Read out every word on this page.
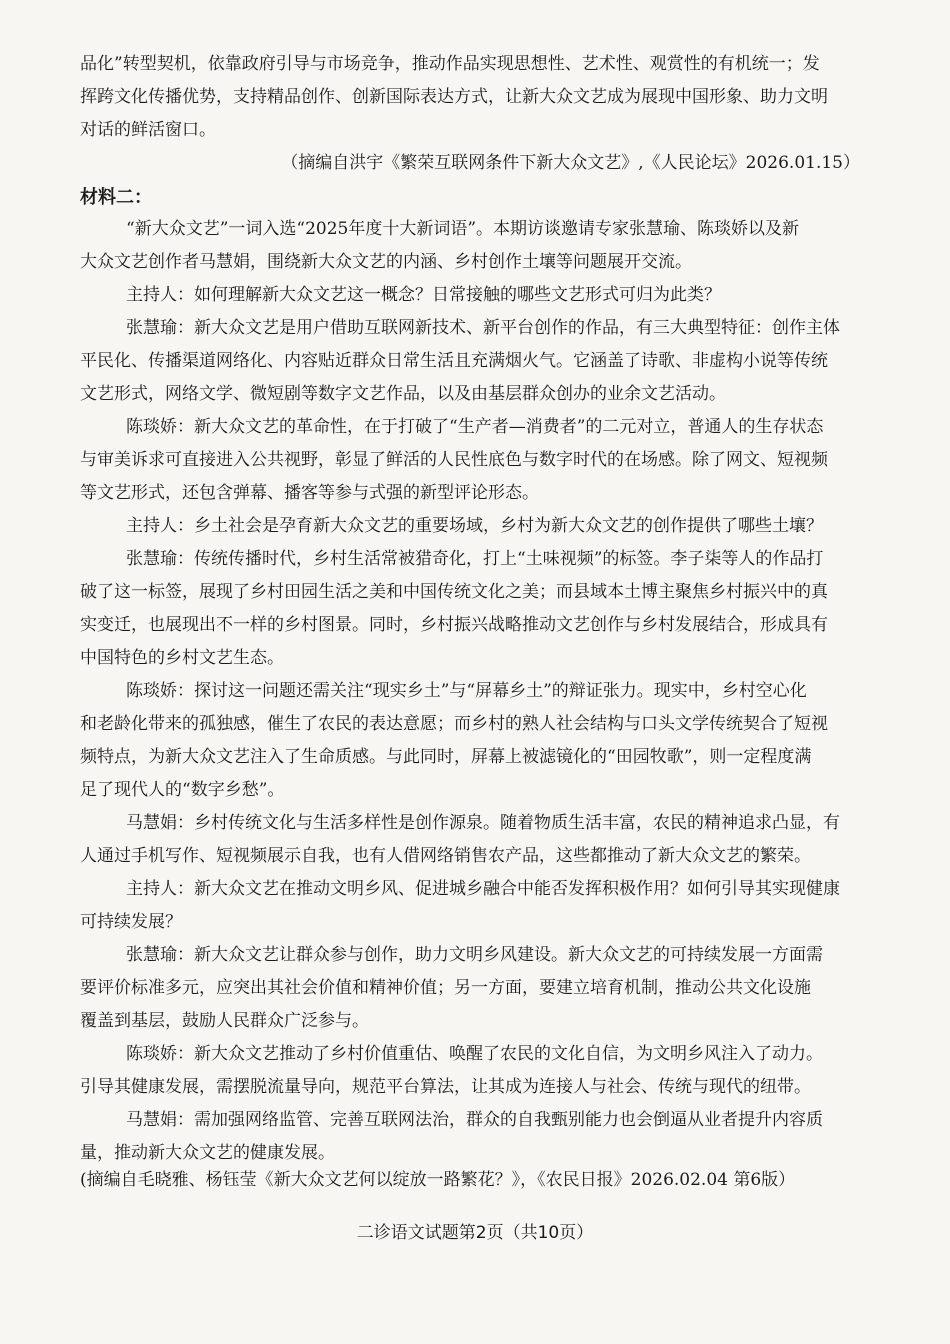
品化”转型契机，依靠政府引导与市场竞争，推动作品实现思想性、艺术性、观赏性的有机统一；发
挥跨文化传播优势，支持精品创作、创新国际表达方式，让新大众文艺成为展现中国形象、助力文明
对话的鲜活窗口。
（摘编自洪宇《繁荣互联网条件下新大众文艺》,《人民论坛》2026.01.15）
材料二：
“新大众文艺”一词入选“2025年度十大新词语”。本期访谈邀请专家张慧瑜、陈琰娇以及新
大众文艺创作者马慧娟，围绕新大众文艺的内涵、乡村创作土壤等问题展开交流。
主持人：如何理解新大众文艺这一概念？日常接触的哪些文艺形式可归为此类？
张慧瑜：新大众文艺是用户借助互联网新技术、新平台创作的作品，有三大典型特征：创作主体
平民化、传播渠道网络化、内容贴近群众日常生活且充满烟火气。它涵盖了诗歌、非虚构小说等传统
文艺形式，网络文学、微短剧等数字文艺作品，以及由基层群众创办的业余文艺活动。
陈琰娇：新大众文艺的革命性，在于打破了“生产者—消费者”的二元对立，普通人的生存状态
与审美诉求可直接进入公共视野，彰显了鲜活的人民性底色与数字时代的在场感。除了网文、短视频
等文艺形式，还包含弹幕、播客等参与式强的新型评论形态。
主持人：乡土社会是孕育新大众文艺的重要场域，乡村为新大众文艺的创作提供了哪些土壤？
张慧瑜：传统传播时代，乡村生活常被猎奇化，打上“土味视频”的标签。李子柒等人的作品打
破了这一标签，展现了乡村田园生活之美和中国传统文化之美；而县域本土博主聚焦乡村振兴中的真
实变迁，也展现出不一样的乡村图景。同时，乡村振兴战略推动文艺创作与乡村发展结合，形成具有
中国特色的乡村文艺生态。
陈琰娇：探讨这一问题还需关注“现实乡土”与“屏幕乡土”的辩证张力。现实中，乡村空心化
和老龄化带来的孤独感，催生了农民的表达意愿；而乡村的熟人社会结构与口头文学传统契合了短视
频特点，为新大众文艺注入了生命质感。与此同时，屏幕上被滤镜化的“田园牧歌”，则一定程度满
足了现代人的“数字乡愁”。
马慧娟：乡村传统文化与生活多样性是创作源泉。随着物质生活丰富，农民的精神追求凸显，有
人通过手机写作、短视频展示自我，也有人借网络销售农产品，这些都推动了新大众文艺的繁荣。
主持人：新大众文艺在推动文明乡风、促进城乡融合中能否发挥积极作用？如何引导其实现健康
可持续发展？
张慧瑜：新大众文艺让群众参与创作，助力文明乡风建设。新大众文艺的可持续发展一方面需
要评价标准多元，应突出其社会价值和精神价值；另一方面，要建立培育机制，推动公共文化设施
覆盖到基层，鼓励人民群众广泛参与。
陈琰娇：新大众文艺推动了乡村价值重估、唤醒了农民的文化自信，为文明乡风注入了动力。
引导其健康发展，需摆脱流量导向，规范平台算法，让其成为连接人与社会、传统与现代的纽带。
马慧娟：需加强网络监管、完善互联网法治，群众的自我甄别能力也会倒逼从业者提升内容质
量，推动新大众文艺的健康发展。
(摘编自毛晓雅、杨钰莹《新大众文艺何以绽放一路繁花？》，《农民日报》2026.02.04 第6版）
二诊语文试题第2页（共10页）
